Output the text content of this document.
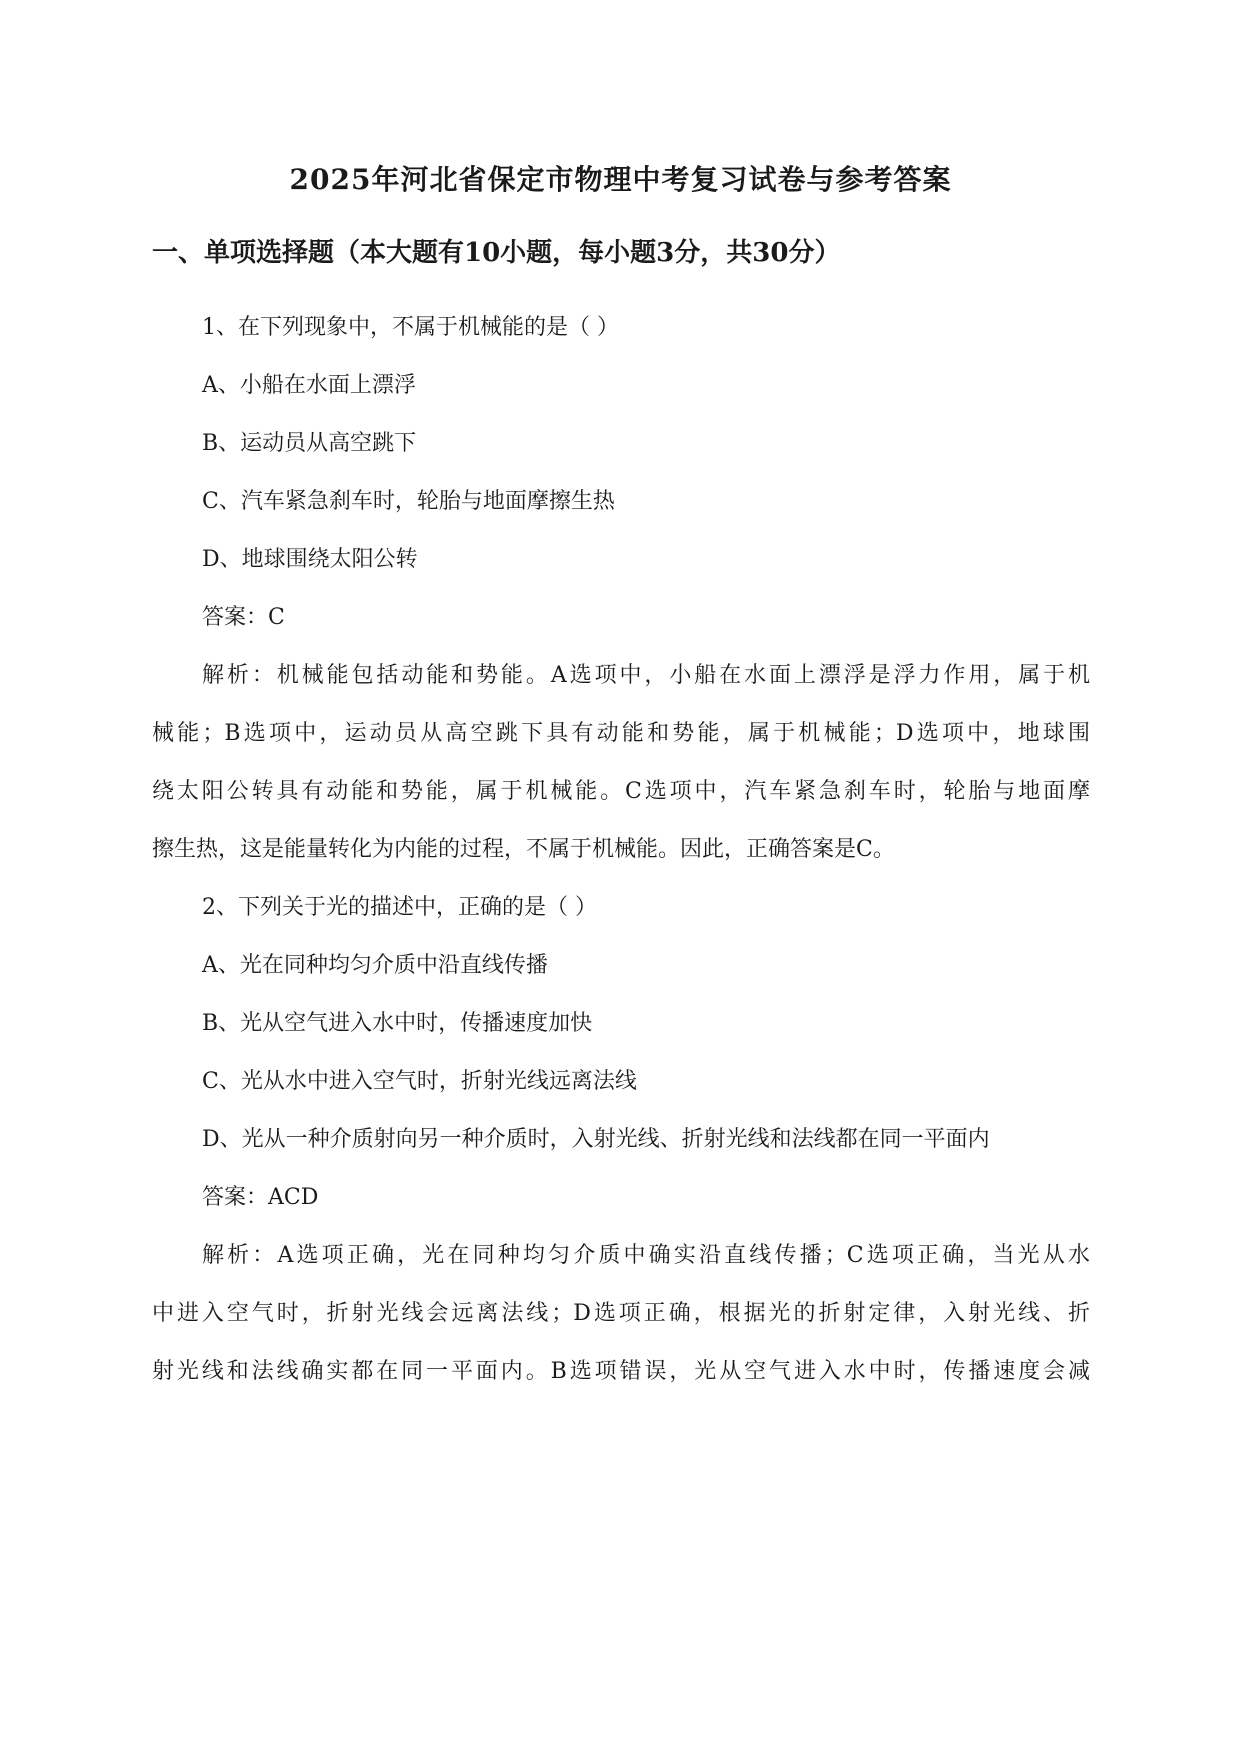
2025年河北省保定市物理中考复习试卷与参考答案
一、单项选择题（本大题有10小题，每小题3分，共30分）
1、在下列现象中，不属于机械能的是（ ）
A、小船在水面上漂浮
B、运动员从高空跳下
C、汽车紧急刹车时，轮胎与地面摩擦生热
D、地球围绕太阳公转
答案：C
解析：机械能包括动能和势能。A选项中，小船在水面上漂浮是浮力作用，属于机
械能；B选项中，运动员从高空跳下具有动能和势能，属于机械能；D选项中，地球围
绕太阳公转具有动能和势能，属于机械能。C选项中，汽车紧急刹车时，轮胎与地面摩
擦生热，这是能量转化为内能的过程，不属于机械能。因此，正确答案是C。
2、下列关于光的描述中，正确的是（ ）
A、光在同种均匀介质中沿直线传播
B、光从空气进入水中时，传播速度加快
C、光从水中进入空气时，折射光线远离法线
D、光从一种介质射向另一种介质时，入射光线、折射光线和法线都在同一平面内
答案：ACD
解析：A选项正确，光在同种均匀介质中确实沿直线传播；C选项正确，当光从水
中进入空气时，折射光线会远离法线；D选项正确，根据光的折射定律，入射光线、折
射光线和法线确实都在同一平面内。B选项错误，光从空气进入水中时，传播速度会减
